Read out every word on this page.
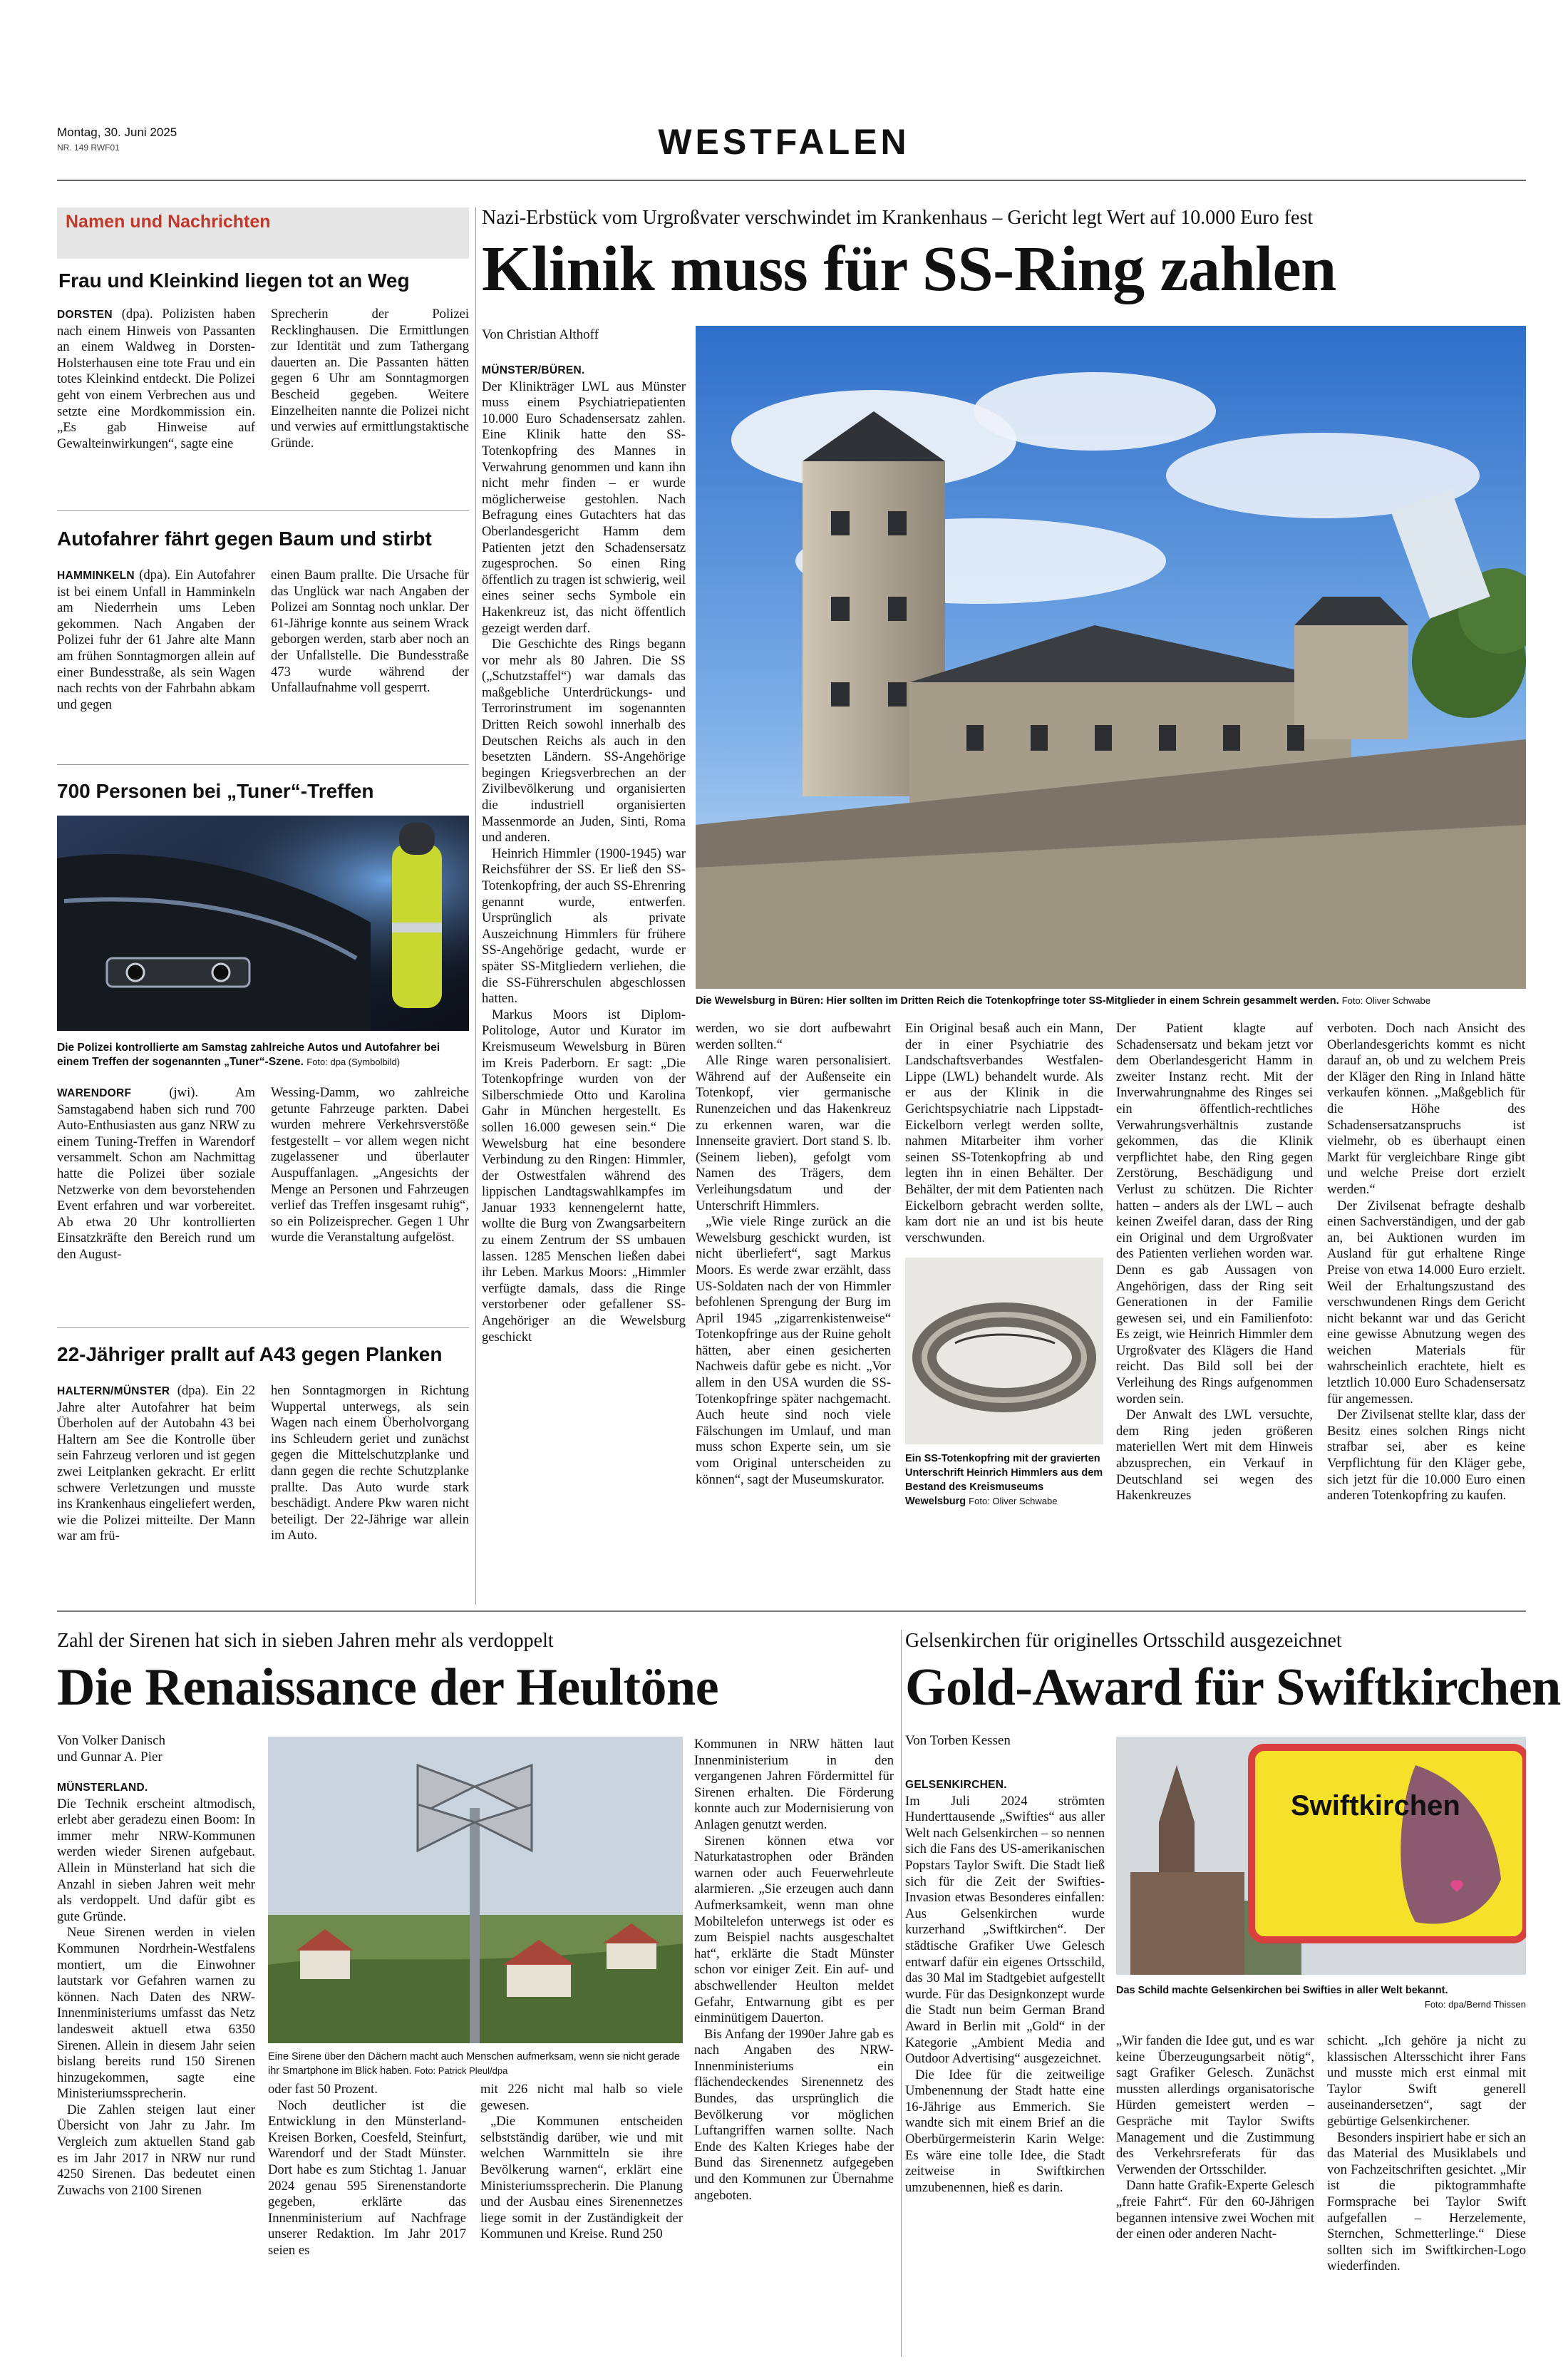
Montag, 30. Juni 2025
NR. 149 RWF01	WESTFALEN
Namen und Nachrichten
Frau und Kleinkind liegen tot an Weg
DORSTEN (dpa). Polizisten haben nach einem Hinweis von Passanten an einem Waldweg in Dorsten-Holsterhausen eine tote Frau und ein totes Kleinkind entdeckt. Die Polizei geht von einem Verbrechen aus und setzte eine Mordkommission ein. „Es gab Hinweise auf Gewalteinwirkungen“, sagte eine
Sprecherin der Polizei Recklinghausen. Die Ermittlungen zur Identität und zum Tathergang dauerten an. Die Passanten hätten gegen 6 Uhr am Sonntagmorgen Bescheid gegeben. Weitere Einzelheiten nannte die Polizei nicht und verwies auf ermittlungstaktische Gründe.
Autofahrer fährt gegen Baum und stirbt
HAMMINKELN (dpa). Ein Autofahrer ist bei einem Unfall in Hamminkeln am Niederrhein ums Leben gekommen. Nach Angaben der Polizei fuhr der 61 Jahre alte Mann am frühen Sonntagmorgen allein auf einer Bundesstraße, als sein Wagen nach rechts von der Fahrbahn abkam und gegen
einen Baum prallte. Die Ursache für das Unglück war nach Angaben der Polizei am Sonntag noch unklar. Der 61-Jährige konnte aus seinem Wrack geborgen werden, starb aber noch an der Unfallstelle. Die Bundesstraße 473 wurde während der Unfallaufnahme voll gesperrt.
700 Personen bei „Tuner“-Treffen
Die Polizei kontrollierte am Samstag zahlreiche Autos und Autofahrer bei einem Treffen der sogenannten „Tuner“-Szene. Foto: dpa (Symbolbild)
WARENDORF	(jwi). Am Samstagabend haben sich rund 700 Auto-Enthusiasten aus ganz NRW zu einem Tuning-Treffen in Warendorf versammelt. Schon am Nachmittag hatte die Polizei über soziale Netzwerke von dem bevorstehenden Event erfahren und war vorbereitet. Ab etwa 20 Uhr kontrollierten Einsatzkräfte den Bereich rund um den August-
Wessing-Damm, wo zahlreiche getunte Fahrzeuge parkten. Dabei wurden mehrere Verkehrsverstöße festgestellt – vor allem wegen nicht zugelassener und überlauter Auspuffanlagen. „Angesichts der Menge an Personen und Fahrzeugen verlief das Treffen insgesamt ruhig“, so ein Polizeisprecher. Gegen 1 Uhr wurde die Veranstaltung aufgelöst.
22-Jähriger prallt auf A43 gegen Planken
HALTERN/MÜNSTER (dpa). Ein 22 Jahre alter Autofahrer hat beim Überholen auf der Autobahn 43 bei Haltern am See die Kontrolle über sein Fahrzeug verloren und ist gegen zwei Leitplanken gekracht. Er erlitt schwere Verletzungen und musste ins Krankenhaus eingeliefert werden, wie die Polizei mitteilte. Der Mann war am frü-
hen Sonntagmorgen in Richtung Wuppertal unterwegs, als sein Wagen nach einem Überholvorgang ins Schleudern geriet und zunächst gegen die Mittelschutzplanke und dann gegen die rechte Schutzplanke prallte. Das Auto wurde stark beschädigt. Andere Pkw waren nicht beteiligt. Der 22-Jährige war allein im Auto.
Nazi-Erbstück vom Urgroßvater verschwindet im Krankenhaus – Gericht legt Wert auf 10.000 Euro fest
Klinik muss für SS-Ring zahlen
Von Christian Althoff
MÜNSTER/BÜREN.

Der Klinikträger LWL aus Münster muss einem Psychiatriepatienten 10.000 Euro Schadensersatz zahlen. Eine Klinik hatte den SS-Totenkopfring des Mannes in Verwahrung genommen und kann ihn nicht mehr finden – er wurde möglicherweise gestohlen. Nach Befragung eines Gutachters hat das Oberlandesgericht Hamm dem Patienten jetzt den Schadensersatz zugesprochen. So einen Ring öffentlich zu tragen ist schwierig, weil eines seiner sechs Symbole ein Hakenkreuz ist, das nicht öffentlich gezeigt werden darf.

Die Geschichte des Rings begann vor mehr als 80 Jahren. Die SS („Schutzstaffel“) war damals das maßgebliche Unterdrückungs- und Terrorinstrument im sogenannten Dritten Reich sowohl innerhalb des Deutschen Reichs als auch in den besetzten Ländern. SS-Angehörige begingen Kriegsverbrechen an der Zivilbevölkerung und organisierten die industriell organisierten Massenmorde an Juden, Sinti, Roma und anderen.

Heinrich Himmler (1900-1945) war Reichsführer der SS. Er ließ den SS-Totenkopfring, der auch SS-Ehrenring genannt wurde, entwerfen. Ursprünglich als private Auszeichnung Himmlers für frühere SS-Angehörige gedacht, wurde er später SS-Mitgliedern verliehen, die die SS-Führerschulen abgeschlossen hatten.

Markus Moors ist Diplom-Politologe, Autor und Kurator im Kreismuseum Wewelsburg in Büren im Kreis Paderborn. Er sagt: „Die Totenkopfringe wurden von der Silberschmiede Otto und Karolina Gahr in München hergestellt. Es sollen 16.000 gewesen sein.“ Die Wewelsburg hat eine besondere Verbindung zu den Ringen: Himmler, der Ostwestfalen während des lippischen Landtagswahlkampfes im Januar 1933 kennengelernt hatte, wollte die Burg von Zwangsarbeitern zu einem Zentrum der SS umbauen lassen. 1285 Menschen ließen dabei ihr Leben. Markus Moors: „Himmler verfügte damals, dass die Ringe verstorbener oder gefallener SS-Angehöriger an die Wewelsburg geschickt

Die Wewelsburg in Büren: Hier sollten im Dritten Reich die Totenkopfringe toter SS-Mitglieder in einem Schrein gesammelt werden. Foto: Oliver Schwabe

werden, wo sie dort aufbewahrt werden sollten.“

Alle Ringe waren personalisiert. Während auf der Außenseite ein Totenkopf, vier germanische Runenzeichen und das Hakenkreuz zu erkennen waren, war die Innenseite graviert. Dort stand S. lb. (Seinem lieben), gefolgt vom Namen des Trägers, dem Verleihungsdatum und der Unterschrift Himmlers.

„Wie viele Ringe zurück an die Wewelsburg geschickt wurden, ist nicht überliefert“, sagt Markus Moors. Es werde zwar erzählt, dass US-Soldaten nach der von Himmler befohlenen Sprengung der Burg im April 1945 „zigarrenkistenweise“ Totenkopfringe aus der Ruine geholt hätten, aber einen gesicherten Nachweis dafür gebe es nicht. „Vor allem in den USA wurden die SS-Totenkopfringe später nachgemacht. Auch heute sind noch viele Fälschungen im Umlauf, und man muss schon Experte sein, um sie vom Original unterscheiden zu können“, sagt der Museumskurator.

Ein Original besaß auch ein Mann, der in einer Psychiatrie des Landschaftsverbandes Westfalen-Lippe (LWL) behandelt wurde. Als er aus der Klinik in die Gerichtspsychiatrie nach Lippstadt-Eickelborn verlegt werden sollte, nahmen Mitarbeiter ihm vorher seinen SS-Totenkopfring ab und legten ihn in einen Behälter. Der Behälter, der mit dem Patienten nach Eickelborn gebracht werden sollte, kam dort nie an und ist bis heute verschwunden.
Ein SS-Totenkopfring mit der gravierten Unterschrift Heinrich Himmlers aus dem Bestand des Kreismuseums Wewelsburg Foto: Oliver Schwabe

Der Patient klagte auf Schadensersatz und bekam jetzt vor dem Oberlandesgericht Hamm in zweiter Instanz recht. Mit der Inverwahrungnahme des Ringes sei ein öffentlich-rechtliches Verwahrungsverhältnis zustande gekommen, das die Klinik verpflichtet habe, den Ring gegen Zerstörung, Beschädigung und Verlust zu schützen. Die Richter hatten – anders als der LWL – auch keinen Zweifel daran, dass der Ring ein Original und dem Urgroßvater des Patienten verliehen worden war. Denn es gab Aussagen von Angehörigen, dass der Ring seit Generationen in der Familie gewesen sei, und ein Familienfoto: Es zeigt, wie Heinrich Himmler dem Urgroßvater des Klägers die Hand reicht. Das Bild soll bei der Verleihung des Rings aufgenommen worden sein.

Der Anwalt des LWL versuchte, dem Ring jeden größeren materiellen Wert mit dem Hinweis abzusprechen, ein Verkauf in Deutschland sei wegen des Hakenkreuzes

verboten. Doch nach Ansicht des Oberlandesgerichts kommt es nicht darauf an, ob und zu welchem Preis der Kläger den Ring in Inland hätte verkaufen können. „Maßgeblich für die Höhe des Schadensersatzanspruchs ist vielmehr, ob es überhaupt einen Markt für vergleichbare Ringe gibt und welche Preise dort erzielt werden.“

Der Zivilsenat befragte deshalb einen Sachverständigen, und der gab an, bei Auktionen wurden im Ausland für gut erhaltene Ringe Preise von etwa 14.000 Euro erzielt. Weil der Erhaltungszustand des verschwundenen Rings dem Gericht nicht bekannt war und das Gericht eine gewisse Abnutzung wegen des weichen Materials für wahrscheinlich erachtete, hielt es letztlich 10.000 Euro Schadensersatz für angemessen.

Der Zivilsenat stellte klar, dass der Besitz eines solchen Rings nicht strafbar sei, aber es keine Verpflichtung für den Kläger gebe, sich jetzt für die 10.000 Euro einen anderen Totenkopfring zu kaufen.

Zahl der Sirenen hat sich in sieben Jahren mehr als verdoppelt
Die Renaissance der Heultöne
Von Volker Danisch
und Gunnar A. Pier
MÜNSTERLAND.

Die Technik erscheint altmodisch, erlebt aber geradezu einen Boom: In immer mehr NRW-Kommunen werden wieder Sirenen aufgebaut. Allein in Münsterland hat sich die Anzahl in sieben Jahren weit mehr als verdoppelt. Und dafür gibt es gute Gründe.

Neue Sirenen werden in vielen Kommunen Nordrhein-Westfalens montiert, um die Einwohner lautstark vor Gefahren warnen zu können. Nach Daten des NRW-Innenministeriums umfasst das Netz landesweit aktuell etwa 6350 Sirenen. Allein in diesem Jahr seien bislang bereits rund 150 Sirenen hinzugekommen, sagte eine Ministeriumssprecherin.

Die Zahlen steigen laut einer Übersicht von Jahr zu Jahr. Im Vergleich zum aktuellen Stand gab es im Jahr 2017 in NRW nur rund 4250 Sirenen. Das bedeutet einen Zuwachs von 2100 Sirenen

Eine Sirene über den Dächern macht auch Menschen aufmerksam, wenn sie nicht gerade ihr Smartphone im Blick haben. Foto: Patrick Pleul/dpa

oder fast 50 Prozent.

Noch deutlicher ist die Entwicklung in den Münsterland-Kreisen Borken, Coesfeld, Steinfurt, Warendorf und der Stadt Münster. Dort habe es zum Stichtag 1. Januar 2024 genau 595 Sirenenstandorte gegeben, erklärte das Innenministerium auf Nachfrage unserer Redaktion. Im Jahr 2017 seien es

mit 226 nicht mal halb so viele gewesen.

„Die Kommunen entscheiden selbstständig darüber, wie und mit welchen Warnmitteln sie ihre Bevölkerung warnen“, erklärt eine Ministeriumssprecherin. Die Planung und der Ausbau eines Sirenennetzes liege somit in der Zuständigkeit der Kommunen und Kreise. Rund 250

Kommunen in NRW hätten laut Innenministerium in den vergangenen Jahren Fördermittel für Sirenen erhalten. Die Förderung konnte auch zur Modernisierung von Anlagen genutzt werden.

Sirenen können etwa vor Naturkatastrophen oder Bränden warnen oder auch Feuerwehrleute alarmieren. „Sie erzeugen auch dann Aufmerksamkeit, wenn man ohne Mobiltelefon unterwegs ist oder es zum Beispiel nachts ausgeschaltet hat“, erklärte die Stadt Münster schon vor einiger Zeit. Ein auf- und abschwellender Heulton meldet Gefahr, Entwarnung gibt es per einminütigem Dauerton.

Bis Anfang der 1990er Jahre gab es nach Angaben des NRW-Innenministeriums ein flächendeckendes Sirenennetz des Bundes, das ursprünglich die Bevölkerung vor möglichen Luftangriffen warnen sollte. Nach Ende des Kalten Krieges habe der Bund das Sirenennetz aufgegeben und den Kommunen zur Übernahme angeboten.

Gelsenkirchen für originelles Ortsschild ausgezeichnet
Gold-Award für Swiftkirchen
Von Torben Kessen
Swiftkirchen
Das Schild machte Gelsenkirchen bei Swifties in aller Welt bekannt.
Foto: dpa/Bernd Thissen
GELSENKIRCHEN.

Im Juli 2024 strömten Hunderttausende „Swifties“ aus aller Welt nach Gelsenkirchen – so nennen sich die Fans des US-amerikanischen Popstars Taylor Swift. Die Stadt ließ sich für die Zeit der Swifties-Invasion etwas Besonderes einfallen: Aus Gelsenkirchen wurde kurzerhand „Swiftkirchen“. Der städtische Grafiker Uwe Gelesch entwarf dafür ein eigenes Ortsschild, das 30 Mal im Stadtgebiet aufgestellt wurde. Für das Designkonzept wurde die Stadt nun beim German Brand Award in Berlin mit „Gold“ in der Kategorie „Ambient Media and Outdoor Advertising“ ausgezeichnet.

Die Idee für die zeitweilige Umbenennung der Stadt hatte eine 16-Jährige aus Emmerich. Sie wandte sich mit einem Brief an die Oberbürgermeisterin Karin Welge: Es wäre eine tolle Idee, die Stadt zeitweise in Swiftkirchen umzubenennen, hieß es darin.

„Wir fanden die Idee gut, und es war keine Überzeugungsarbeit nötig“, sagt Grafiker Gelesch. Zunächst mussten allerdings organisatorische Hürden gemeistert werden – Gespräche mit Taylor Swifts Management und die Zustimmung des Verkehrsreferats für das Verwenden der Ortsschilder.

Dann hatte Grafik-Experte Gelesch „freie Fahrt“. Für den 60-Jährigen begannen intensive zwei Wochen mit der einen oder anderen Nacht-

schicht. „Ich gehöre ja nicht zu klassischen Altersschicht ihrer Fans und musste mich erst einmal mit Taylor Swift generell auseinandersetzen“, sagt der gebürtige Gelsenkirchener.

Besonders inspiriert habe er sich an das Material des Musiklabels und von Fachzeitschriften gesichtet. „Mir ist die piktogrammhafte Formsprache bei Taylor Swift aufgefallen – Herzelemente, Sternchen, Schmetterlinge.“ Diese sollten sich im Swiftkirchen-Logo wiederfinden.
